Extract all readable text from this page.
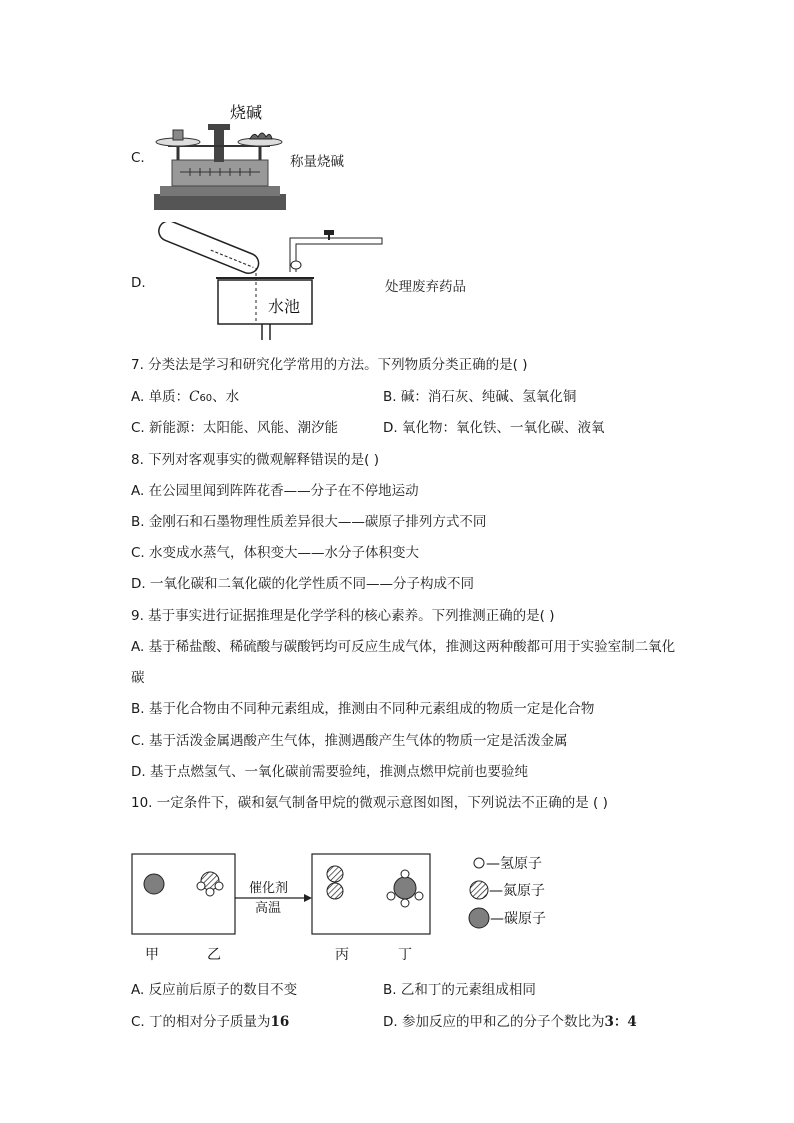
C.
烧碱
称量烧碱
D.
水池
处理废弃药品
7. 分类法是学习和研究化学常用的方法。下列物质分类正确的是( )
A. 单质：C60、水	B. 碱：消石灰、纯碱、氢氧化铜
C. 新能源：太阳能、风能、潮汐能	D. 氧化物：氧化铁、一氧化碳、液氧
8. 下列对客观事实的微观解释错误的是( )
A. 在公园里闻到阵阵花香——分子在不停地运动
B. 金刚石和石墨物理性质差异很大——碳原子排列方式不同
C. 水变成水蒸气，体积变大——水分子体积变大
D. 一氧化碳和二氧化碳的化学性质不同——分子构成不同
9. 基于事实进行证据推理是化学学科的核心素养。下列推测正确的是( )
A. 基于稀盐酸、稀硫酸与碳酸钙均可反应生成气体，推测这两种酸都可用于实验室制二氧化
碳
B. 基于化合物由不同种元素组成，推测由不同种元素组成的物质一定是化合物
C. 基于活泼金属遇酸产生气体，推测遇酸产生气体的物质一定是活泼金属
D. 基于点燃氢气、一氧化碳前需要验纯，推测点燃甲烷前也要验纯
10. 一定条件下，碳和氨气制备甲烷的微观示意图如图，下列说法不正确的是 ( )
催化剂
高温
—氢原子
—氮原子
—碳原子
甲	乙	丙	丁
A. 反应前后原子的数目不变	B. 乙和丁的元素组成相同
C. 丁的相对分子质量为16	D. 参加反应的甲和乙的分子个数比为3：4
